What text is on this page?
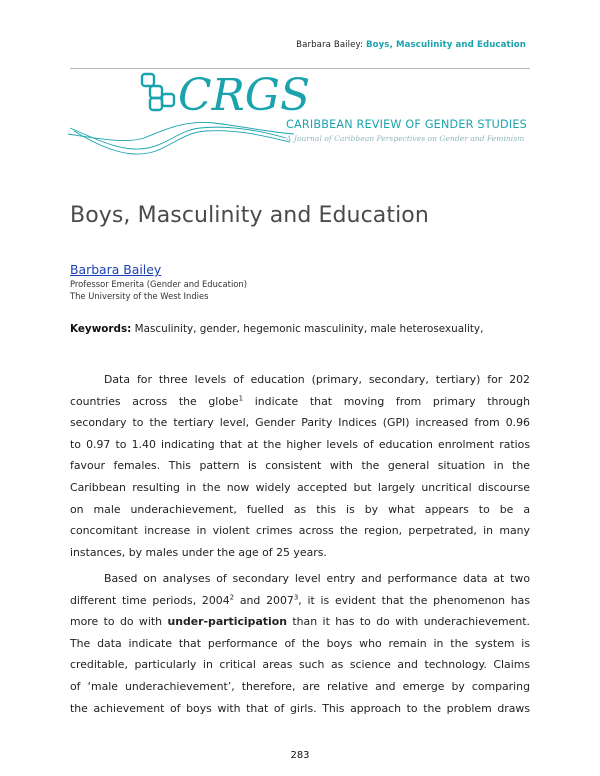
Barbara Bailey: Boys, Masculinity and Education
CRGS
CARIBBEAN REVIEW OF GENDER STUDIES
A Journal of Caribbean Perspectives on Gender and Feminism
Boys, Masculinity and Education
Barbara Bailey
Professor Emerita (Gender and Education)
The University of the West Indies
Keywords: Masculinity, gender, hegemonic masculinity, male heterosexuality,
Data for three levels of education (primary, secondary, tertiary) for 202
countries across the globe$^1$ indicate that moving from primary through
secondary to the tertiary level, Gender Parity Indices (GPI) increased from 0.96
to 0.97 to 1.40 indicating that at the higher levels of education enrolment ratios
favour females. This pattern is consistent with the general situation in the
Caribbean resulting in the now widely accepted but largely uncritical discourse
on male underachievement, fuelled as this is by what appears to be a
concomitant increase in violent crimes across the region, perpetrated, in many
instances, by males under the age of 25 years.
Based on analyses of secondary level entry and performance data at two
different time periods, 2004$^2$ and 2007$^3$, it is evident that the phenomenon has
more to do with under-participation than it has to do with underachievement.
The data indicate that performance of the boys who remain in the system is
creditable, particularly in critical areas such as science and technology. Claims
of ‘male underachievement’, therefore, are relative and emerge by comparing
the achievement of boys with that of girls. This approach to the problem draws
283
